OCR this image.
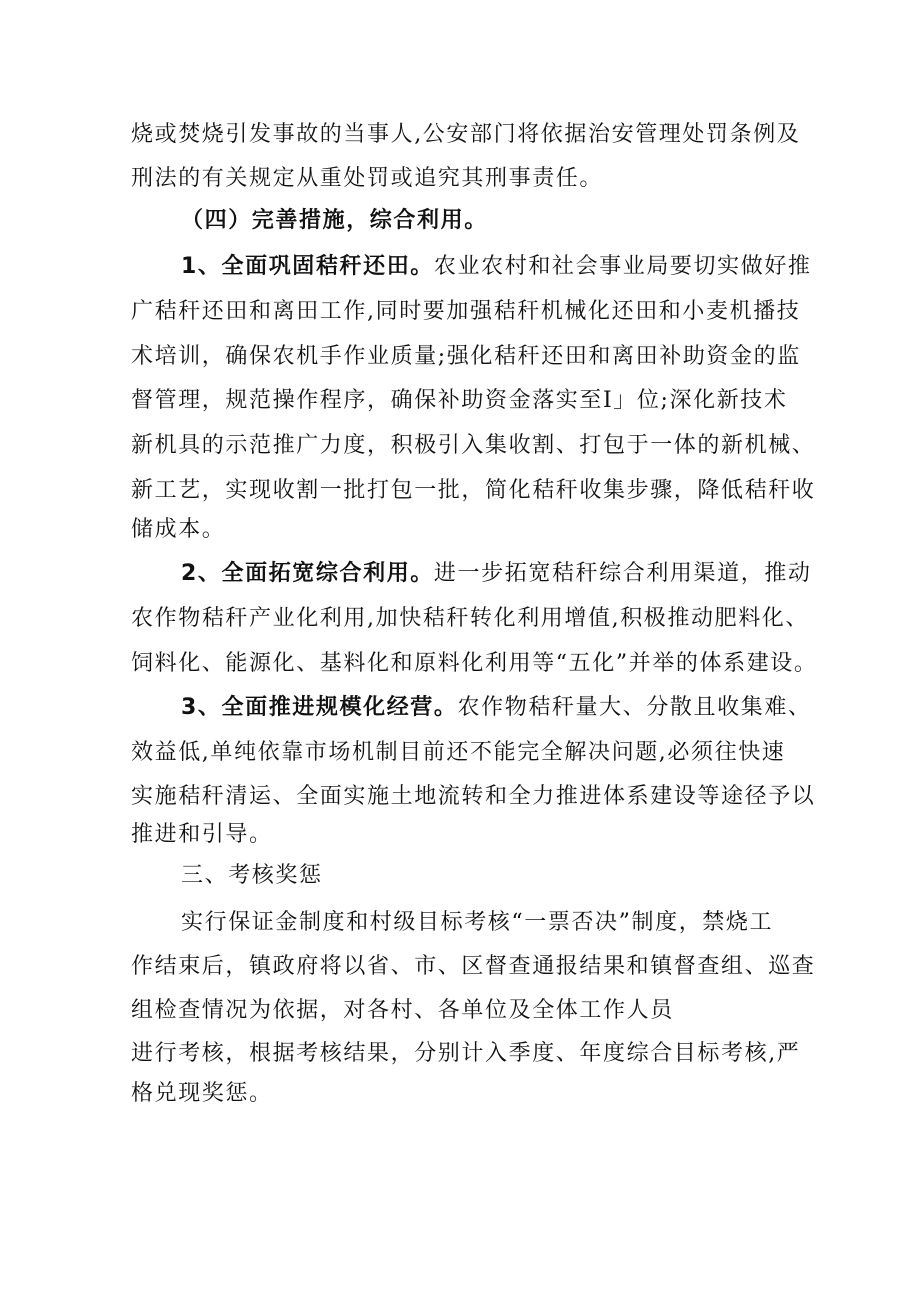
烧或焚烧引发事故的当事人,公安部门将依据治安管理处罚条例及
刑法的有关规定从重处罚或追究其刑事责任。
（四）完善措施，综合利用。
1、全面巩固秸秆还田。农业农村和社会事业局要切实做好推
广秸秆还田和离田工作,同时要加强秸秆机械化还田和小麦机播技
术培训，确保农机手作业质量;强化秸秆还田和离田补助资金的监
督管理，规范操作程序，确保补助资金落实至I」位;深化新技术
新机具的示范推广力度，积极引入集收割、打包于一体的新机械、
新工艺，实现收割一批打包一批，简化秸秆收集步骤，降低秸秆收
储成本。
2、全面拓宽综合利用。进一步拓宽秸秆综合利用渠道，推动
农作物秸秆产业化利用,加快秸秆转化利用增值,积极推动肥料化、
饲料化、能源化、基料化和原料化利用等“五化”并举的体系建设。
3、全面推进规模化经营。农作物秸秆量大、分散且收集难、
效益低,单纯依靠市场机制目前还不能完全解决问题,必须往快速
实施秸秆清运、全面实施土地流转和全力推进体系建设等途径予以
推进和引导。
三、考核奖惩
实行保证金制度和村级目标考核“一票否决”制度，禁烧工
作结束后，镇政府将以省、市、区督查通报结果和镇督查组、巡查
组检查情况为依据，对各村、各单位及全体工作人员
进行考核，根据考核结果，分别计入季度、年度综合目标考核,严
格兑现奖惩。
